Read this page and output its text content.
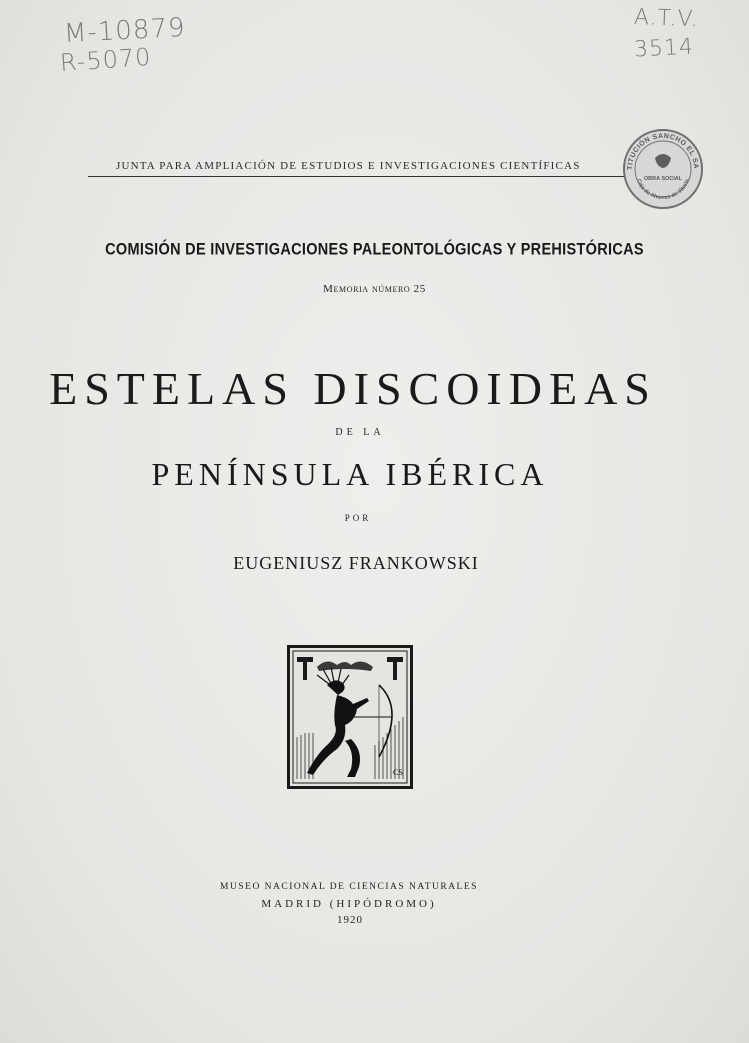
M-10879
R-5070
A.T.V.
3514
JUNTA PARA AMPLIACIÓN DE ESTUDIOS E INVESTIGACIONES CIENTÍFICAS	TITUCIÓN SANCHO EL SA
OBRA SOCIAL
Caja de Ahorros de Vitoria
COMISIÓN DE INVESTIGACIONES PALEONTOLÓGICAS Y PREHISTÓRICAS
Memoria número 25
ESTELAS DISCOIDEAS
DE LA
PENÍNSULA IBÉRICA
POR
EUGENIUSZ FRANKOWSKI
CS
MUSEO NACIONAL DE CIENCIAS NATURALES
MADRID (HIPÓDROMO)
1920
